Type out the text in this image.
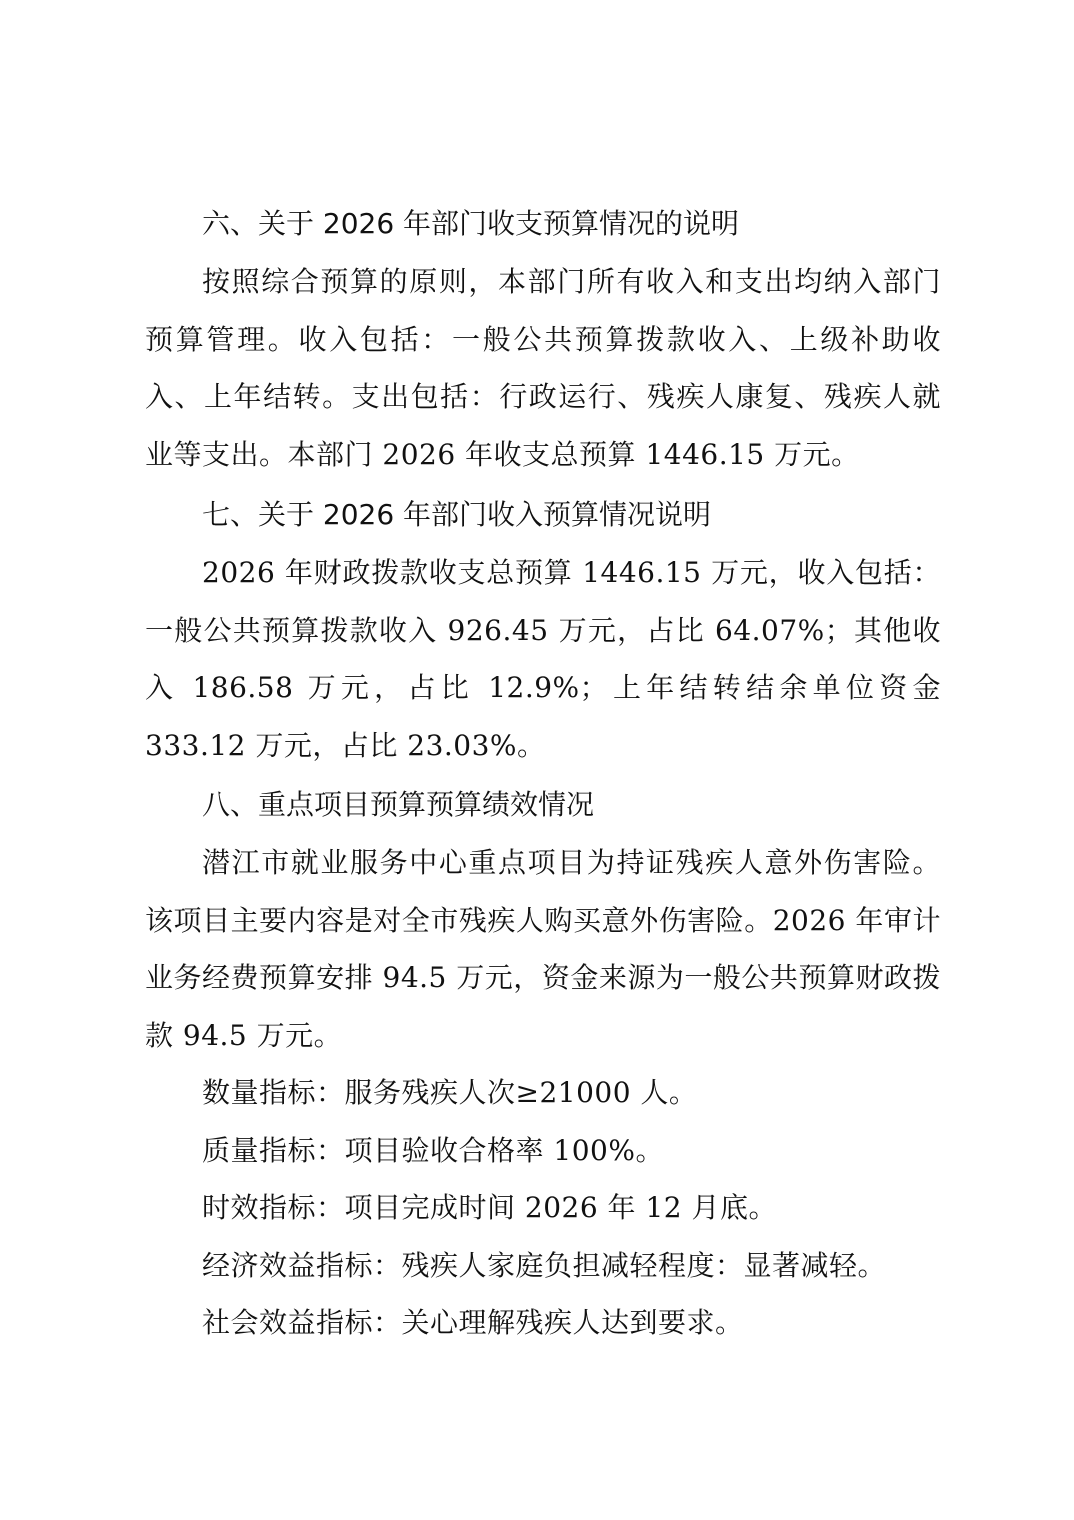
六、关于 2026 年部门收支预算情况的说明

按照综合预算的原则，本部门所有收入和支出均纳入部门预算管理。收入包括：一般公共预算拨款收入、上级补助收入、上年结转。支出包括：行政运行、残疾人康复、残疾人就业等支出。本部门 2026 年收支总预算 1446.15 万元。

七、关于 2026 年部门收入预算情况说明

2026 年财政拨款收支总预算 1446.15 万元，收入包括：一般公共预算拨款收入 926.45 万元，占比 64.07%；其他收入 186.58 万元，占比 12.9%；上年结转结余单位资金 333.12 万元，占比 23.03%。

八、重点项目预算预算绩效情况

潜江市就业服务中心重点项目为持证残疾人意外伤害险。该项目主要内容是对全市残疾人购买意外伤害险。2026 年审计业务经费预算安排 94.5 万元，资金来源为一般公共预算财政拨款 94.5 万元。

数量指标：服务残疾人次≥21000 人。

质量指标：项目验收合格率 100%。

时效指标：项目完成时间 2026 年 12 月底。

经济效益指标：残疾人家庭负担减轻程度：显著减轻。

社会效益指标：关心理解残疾人达到要求。
